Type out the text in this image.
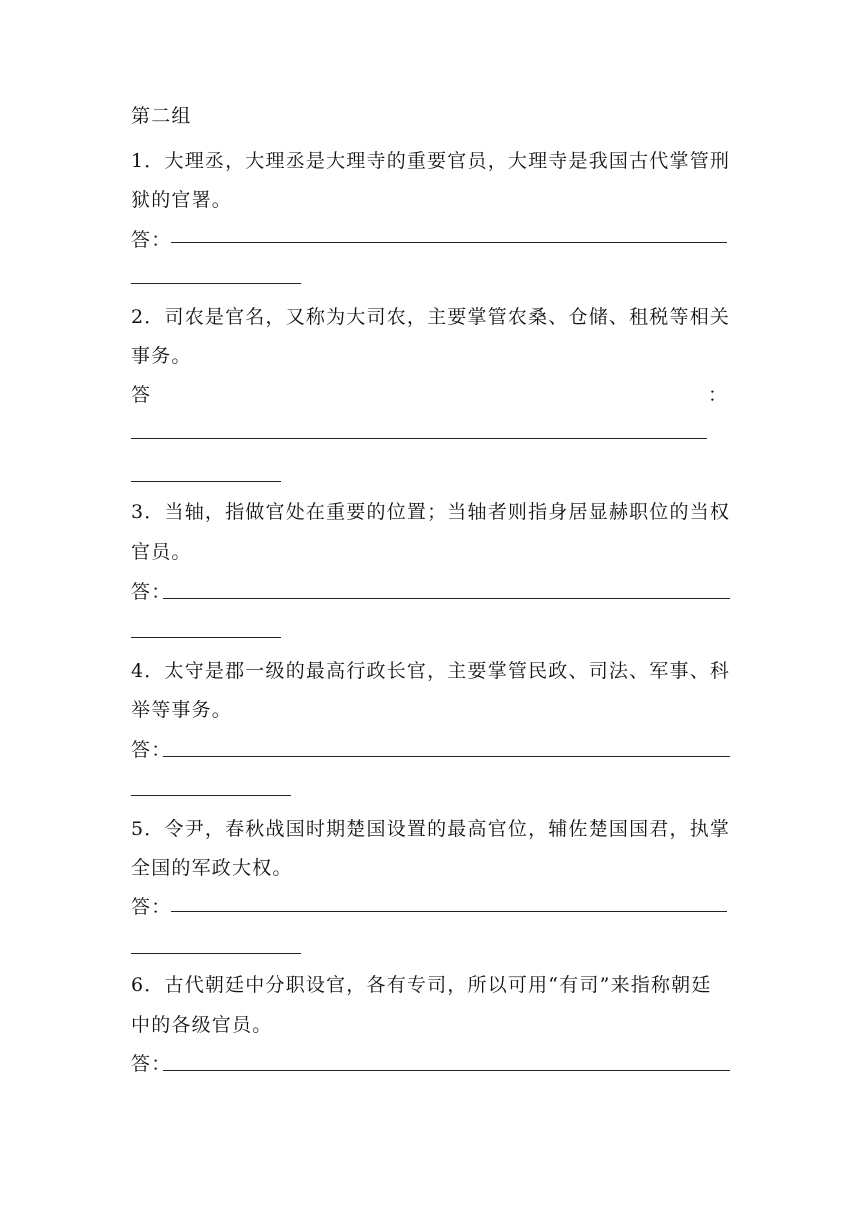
第二组
1．大理丞，大理丞是大理寺的重要官员，大理寺是我国古代掌管刑
狱的官署。
答：
2．司农是官名，又称为大司农，主要掌管农桑、仓储、租税等相关
事务。
答	：
3．当轴，指做官处在重要的位置；当轴者则指身居显赫职位的当权
官员。
答：
4．太守是郡一级的最高行政长官，主要掌管民政、司法、军事、科
举等事务。
答：
5．令尹，春秋战国时期楚国设置的最高官位，辅佐楚国国君，执掌
全国的军政大权。
答：
6．古代朝廷中分职设官，各有专司，所以可用“有司”来指称朝廷
中的各级官员。
答：
